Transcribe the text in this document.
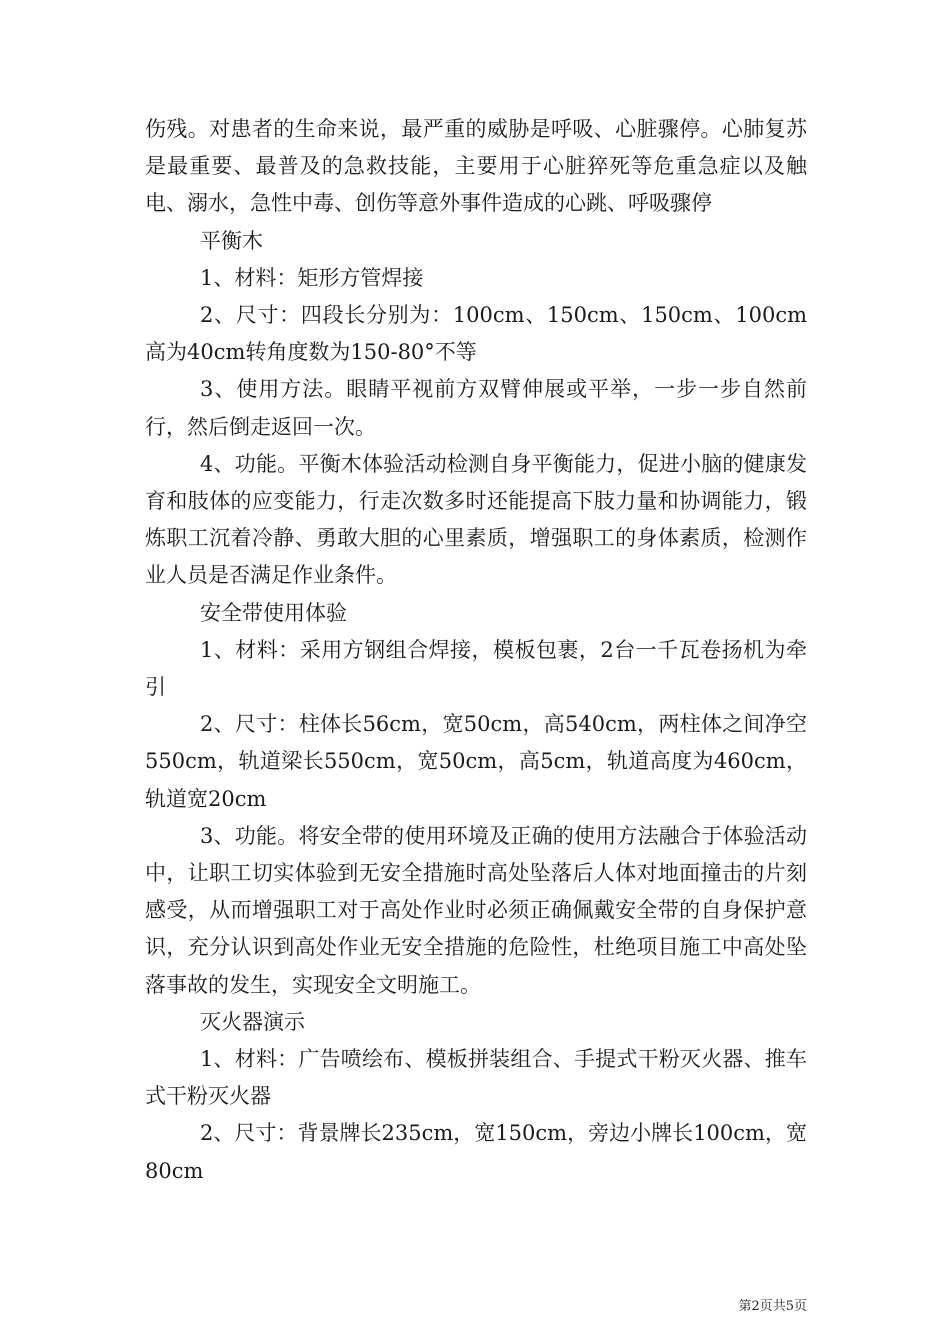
伤残。对患者的生命来说，最严重的威胁是呼吸、心脏骤停。心肺复苏是最重要、最普及的急救技能，主要用于心脏猝死等危重急症以及触电、溺水，急性中毒、创伤等意外事件造成的心跳、呼吸骤停

平衡木

1、材料：矩形方管焊接

2、尺寸：四段长分别为：100cm、150cm、150cm、100cm高为40cm转角度数为150-80°不等

3、使用方法。眼睛平视前方双臂伸展或平举，一步一步自然前行，然后倒走返回一次。

4、功能。平衡木体验活动检测自身平衡能力，促进小脑的健康发育和肢体的应变能力，行走次数多时还能提高下肢力量和协调能力，锻炼职工沉着冷静、勇敢大胆的心里素质，增强职工的身体素质，检测作业人员是否满足作业条件。

安全带使用体验

1、材料：采用方钢组合焊接，模板包裹，2台一千瓦卷扬机为牵引

2、尺寸：柱体长56cm，宽50cm，高540cm，两柱体之间净空550cm，轨道梁长550cm，宽50cm，高5cm，轨道高度为460cm，轨道宽20cm

3、功能。将安全带的使用环境及正确的使用方法融合于体验活动中，让职工切实体验到无安全措施时高处坠落后人体对地面撞击的片刻感受，从而增强职工对于高处作业时必须正确佩戴安全带的自身保护意识，充分认识到高处作业无安全措施的危险性，杜绝项目施工中高处坠落事故的发生，实现安全文明施工。

灭火器演示

1、材料：广告喷绘布、模板拼装组合、手提式干粉灭火器、推车式干粉灭火器

2、尺寸：背景牌长235cm，宽150cm，旁边小牌长100cm，宽80cm

第2页共5页
